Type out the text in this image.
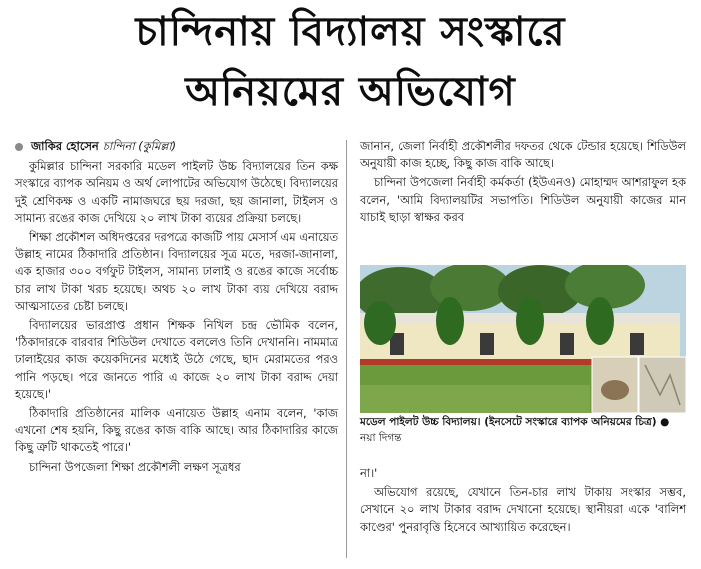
চান্দিনায় বিদ্যালয় সংস্কারে
অনিয়মের অভিযোগ
জাকির হোসেন চান্দিনা (কুমিল্লা)

কুমিল্লার চান্দিনা সরকারি মডেল পাইলট উচ্চ বিদ্যালয়ের তিন কক্ষ সংস্কারে ব্যাপক অনিয়ম ও অর্থ লোপাটের অভিযোগ উঠেছে। বিদ্যালয়ের দুই শ্রেণিকক্ষ ও একটি নামাজঘরে ছয় দরজা, ছয় জানালা, টাইলস ও সামান্য রঙের কাজ দেখিয়ে ২০ লাখ টাকা ব্যয়ের প্রক্রিয়া চলছে।

শিক্ষা প্রকৌশল অধিদপ্তরের দরপত্রে কাজটি পায় মেসার্স এম এনায়েত উল্লাহ নামের ঠিকাদারি প্রতিষ্ঠান। বিদ্যালয়ের সূত্র মতে, দরজা-জানালা, এক হাজার ৩০০ বর্গফুট টাইলস, সামান্য ঢালাই ও রঙের কাজে সর্বোচ্চ চার লাখ টাকা খরচ হয়েছে। অথচ ২০ লাখ টাকা ব্যয় দেখিয়ে বরাদ্দ আত্মসাতের চেষ্টা চলছে।

বিদ্যালয়ের ভারপ্রাপ্ত প্রধান শিক্ষক নিখিল চন্দ্র ভৌমিক বলেন, 'ঠিকাদারকে বারবার শিডিউল দেখাতে বললেও তিনি দেখাননি। নামমাত্র ঢালাইয়ের কাজ কয়েকদিনের মধ্যেই উঠে গেছে, ছাদ মেরামতের পরও পানি পড়ছে। পরে জানতে পারি এ কাজে ২০ লাখ টাকা বরাদ্দ দেয়া হয়েছে।'

ঠিকাদারি প্রতিষ্ঠানের মালিক এনায়েত উল্লাহ এনাম বলেন, 'কাজ এখনো শেষ হয়নি, কিছু রঙের কাজ বাকি আছে। আর ঠিকাদারির কাজে কিছু ত্রুটি থাকতেই পারে।'

চান্দিনা উপজেলা শিক্ষা প্রকৌশলী লক্ষণ সূত্রধর

জানান, জেলা নির্বাহী প্রকৌশলীর দফতর থেকে টেন্ডার হয়েছে। শিডিউল অনুযায়ী কাজ হচ্ছে, কিছু কাজ বাকি আছে।

চান্দিনা উপজেলা নির্বাহী কর্মকর্তা (ইউএনও) মোহাম্মদ আশরাফুল হক বলেন, 'আমি বিদ্যালয়টির সভাপতি। শিডিউল অনুযায়ী কাজের মান যাচাই ছাড়া স্বাক্ষর করব

মডেল পাইলট উচ্চ বিদ্যালয়। (ইনসেটে সংস্কারে ব্যাপক অনিয়মের চিত্র) ● নয়া দিগন্ত

না।'

অভিযোগ রয়েছে, যেখানে তিন-চার লাখ টাকায় সংস্কার সম্ভব, সেখানে ২০ লাখ টাকার বরাদ্দ দেখানো হয়েছে। স্থানীয়রা একে 'বালিশ কাণ্ডের' পুনরাবৃত্তি হিসেবে আখ্যায়িত করেছেন।
